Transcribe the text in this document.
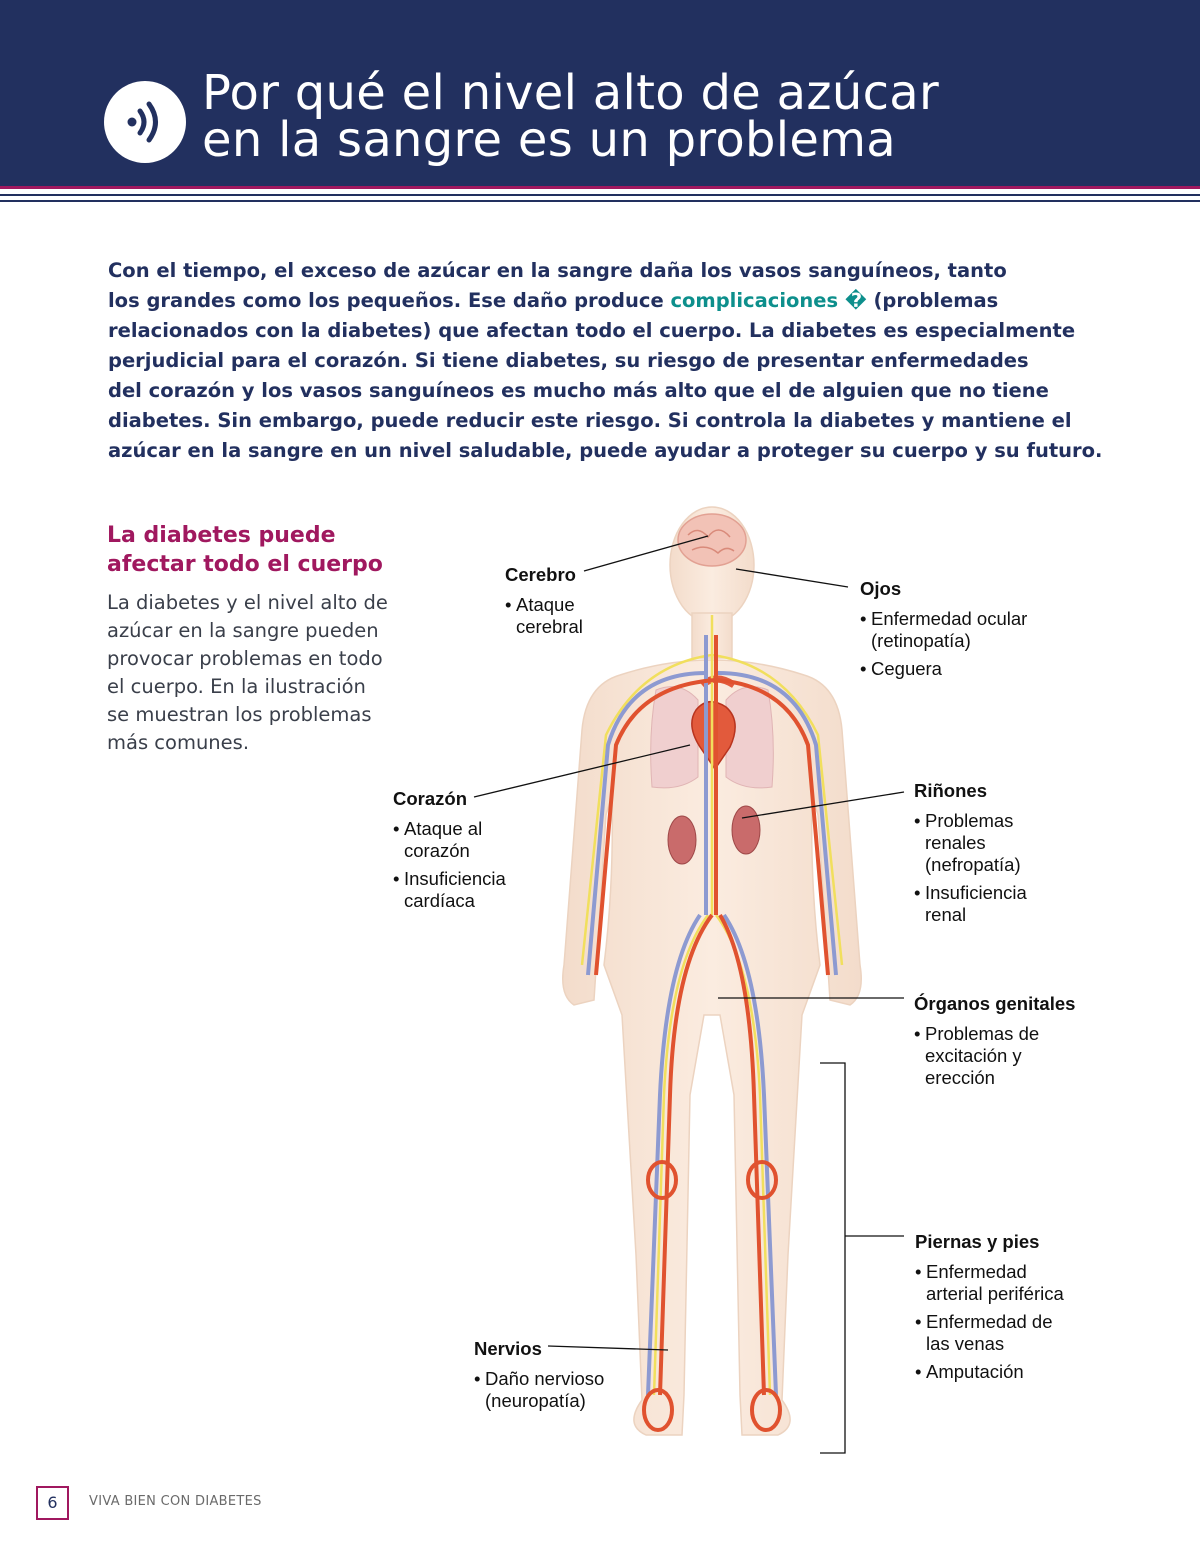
Por qué el nivel alto de azúcar
en la sangre es un problema

Con el tiempo, el exceso de azúcar en la sangre daña los vasos sanguíneos, tanto
los grandes como los pequeños. Ese daño produce complicaciones � (problemas
relacionados con la diabetes) que afectan todo el cuerpo. La diabetes es especialmente
perjudicial para el corazón. Si tiene diabetes, su riesgo de presentar enfermedades
del corazón y los vasos sanguíneos es mucho más alto que el de alguien que no tiene
diabetes. Sin embargo, puede reducir este riesgo. Si controla la diabetes y mantiene el
azúcar en la sangre en un nivel saludable, puede ayudar a proteger su cuerpo y su futuro.

La diabetes puede
afectar todo el cuerpo

La diabetes y el nivel alto de
azúcar en la sangre pueden
provocar problemas en todo
el cuerpo. En la ilustración
se muestran los problemas
más comunes.

Cerebro
• Ataque
cerebral
Ojos
• Enfermedad ocular
(retinopatía)
• Ceguera
Corazón
• Ataque al
corazón
• Insuficiencia
cardíaca
Riñones
• Problemas
renales
(nefropatía)
• Insuficiencia
renal
Órganos genitales
• Problemas de
excitación y
erección
Piernas y pies
• Enfermedad
arterial periférica
• Enfermedad de
las venas
• Amputación
Nervios
• Daño nervioso
(neuropatía)
6	VIVA BIEN CON DIABETES
